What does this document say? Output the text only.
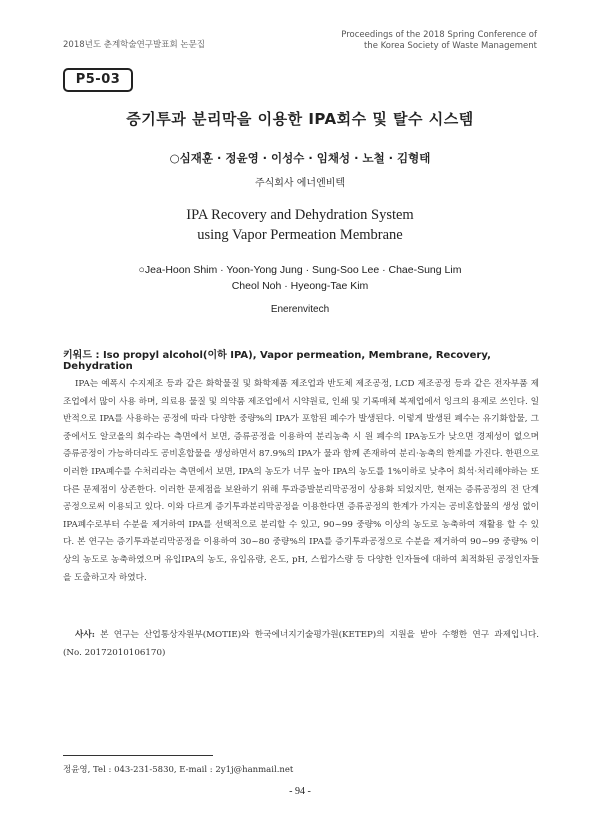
2018년도 춘계학술연구발표회 논문집
Proceedings of the 2018 Spring Conference of
the Korea Society of Waste Management
P5-03
증기투과 분리막을 이용한 IPA회수 및 탈수 시스템
○심재훈 · 정윤영 · 이성수 · 임채성 · 노철 · 김형태
주식회사 에너엔비텍
IPA Recovery and Dehydration System
using Vapor Permeation Membrane
○Jea-Hoon Shim · Yoon-Yong Jung · Sung-Soo Lee · Chae-Sung Lim
Cheol Noh · Hyeong-Tae Kim
Enerenvitech
키워드 : Iso propyl alcohol(이하 IPA), Vapor permeation, Membrane, Recovery, Dehydration

IPA는 예폭시 수지제조 등과 같은 화학물질 및 화학제품 제조업과 반도체 제조공정, LCD 제조공정 등과 같은 전자부품 제조업에서 많이 사용 하며, 의료용 물질 및 의약품 제조업에서 시약원료, 인쇄 및 기록매체 복제업에서 잉크의 용제로 쓰인다. 일반적으로 IPA를 사용하는 공정에 따라 다양한 중량%의 IPA가 포함된 폐수가 발생된다. 이렇게 발생된 폐수는 유기화합물, 그중에서도 알코올의 회수라는 측면에서 보면, 증류공정을 이용하여 분리농축 시 원 폐수의 IPA농도가 낮으면 경제성이 없으며 증류공정이 가능하더라도 공비혼합물을 생성하면서 87.9%의 IPA가 물과 함께 존재하여 분리·농축의 한계를 가진다. 한편으로 이러한 IPA폐수를 수처리라는 측면에서 보면, IPA의 농도가 너무 높아 IPA의 농도를 1%이하로 낮추어 희석·처리해야하는 또 다른 문제점이 상존한다. 이러한 문제점을 보완하기 위해 투과증발분리막공정이 상용화 되었지만, 현재는 증류공정의 전 단계 공정으로써 이용되고 있다. 이와 다르게 증기투과분리막공정을 이용한다면 증류공정의 한계가 가지는 공비혼합물의 생성 없이 IPA폐수로부터 수분을 제거하여 IPA를 선택적으로 분리할 수 있고, 90~99 중량% 이상의 농도로 농축하여 재활용 할 수 있다. 본 연구는 증기투과분리막공정을 이용하여 30~80 중량%의 IPA를 증기투과공정으로 수분을 제거하여 90~99 중량% 이상의 농도로 농축하였으며 유입IPA의 농도, 유입유량, 온도, pH, 스윕가스량 등 다양한 인자들에 대하여 최적화된 공정인자들을 도출하고자 하였다.

사사: 본 연구는 산업통상자원부(MOTIE)와 한국에너지기술평가원(KETEP)의 지원을 받아 수행한 연구 과제입니다. (No. 20172010106170)

정윤영, Tel : 043-231-5830, E-mail : 2y1j@hanmail.net
- 94 -
